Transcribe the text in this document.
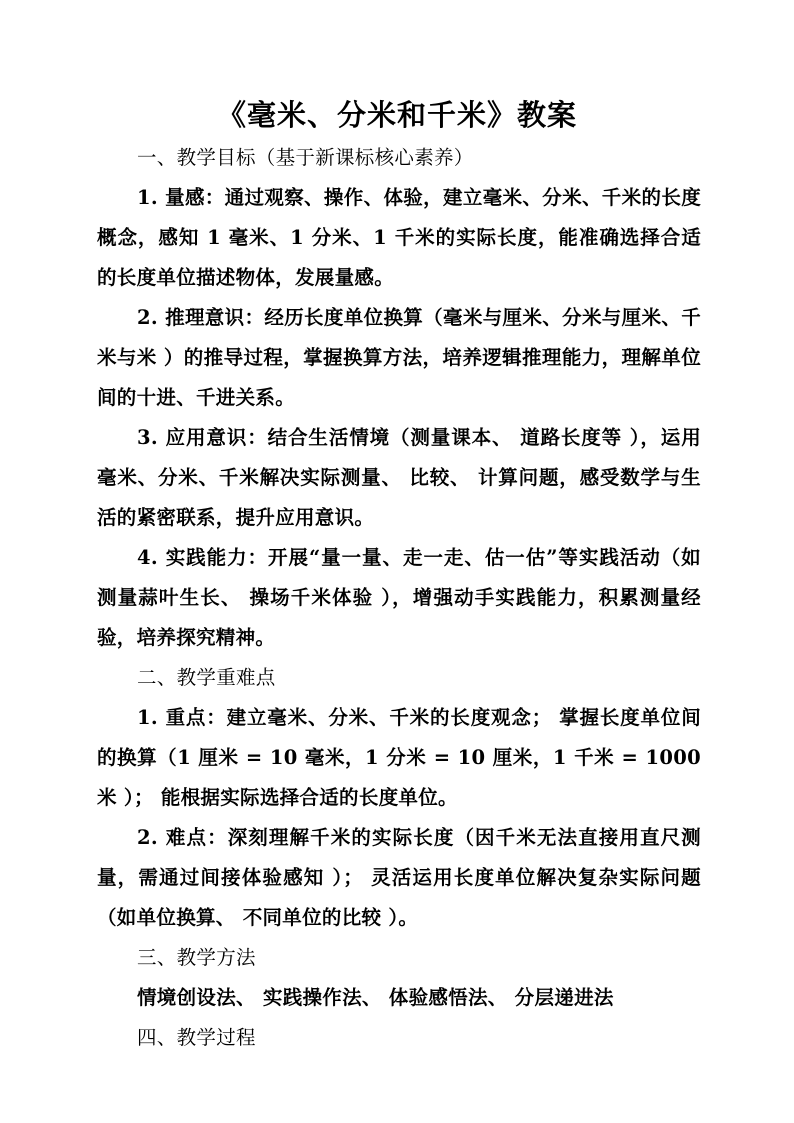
《毫米、分米和千米》教案
一、教学目标（基于新课标核心素养）

1. 量感：通过观察、操作、体验，建立毫米、分米、千米的长度概念，感知 1 毫米、1 分米、1 千米的实际长度，能准确选择合适的长度单位描述物体，发展量感。

2. 推理意识：经历长度单位换算（毫米与厘米、分米与厘米、千米与米 ）的推导过程，掌握换算方法，培养逻辑推理能力，理解单位间的十进、千进关系。

3. 应用意识：结合生活情境（测量课本、 道路长度等 ），运用毫米、分米、千米解决实际测量、 比较、 计算问题，感受数学与生活的紧密联系，提升应用意识。

4. 实践能力：开展“量一量、走一走、估一估”等实践活动（如测量蒜叶生长、 操场千米体验 ），增强动手实践能力，积累测量经验，培养探究精神。

二、教学重难点

1. 重点：建立毫米、分米、千米的长度观念； 掌握长度单位间的换算（1 厘米 = 10 毫米，1 分米 = 10 厘米，1 千米 = 1000 米 ）； 能根据实际选择合适的长度单位。

2. 难点：深刻理解千米的实际长度（因千米无法直接用直尺测量，需通过间接体验感知 ）； 灵活运用长度单位解决复杂实际问题（如单位换算、 不同单位的比较 ）。

三、教学方法
情境创设法、 实践操作法、 体验感悟法、 分层递进法
四、教学过程
